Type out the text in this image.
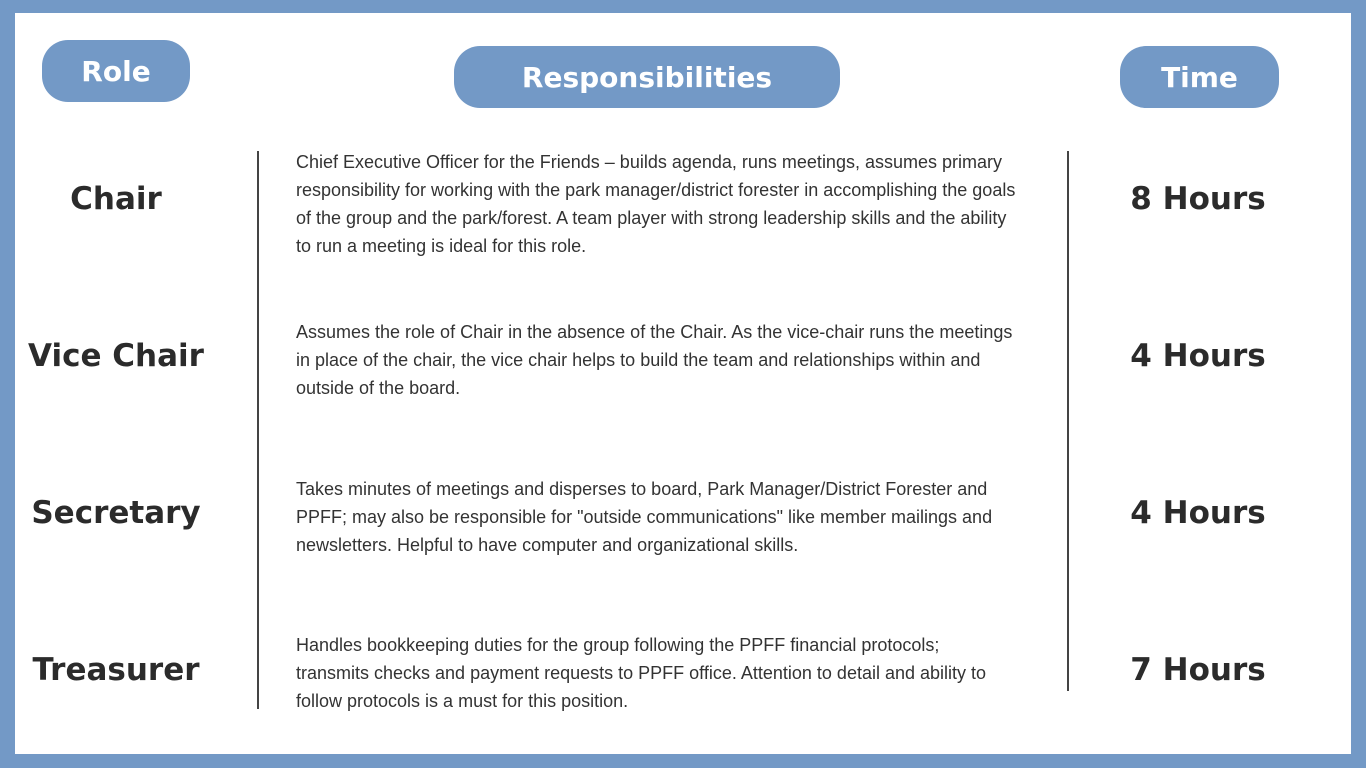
Role	Responsibilities	Time
Chair
Chief Executive Officer for the Friends – builds agenda, runs meetings, assumes primary responsibility for working with the park manager/district forester in accomplishing the goals of the group and the park/forest. A team player with strong leadership skills and the ability to run a meeting is ideal for this role.
8 Hours
Vice Chair
Assumes the role of Chair in the absence of the Chair. As the vice-chair runs the meetings in place of the chair, the vice chair helps to build the team and relationships within and outside of the board.
4 Hours
Secretary
Takes minutes of meetings and disperses to board, Park Manager/District Forester and PPFF; may also be responsible for "outside communications" like member mailings and newsletters. Helpful to have computer and organizational skills.
4 Hours
Treasurer
Handles bookkeeping duties for the group following the PPFF financial protocols; transmits checks and payment requests to PPFF office. Attention to detail and ability to follow protocols is a must for this position.
7 Hours
